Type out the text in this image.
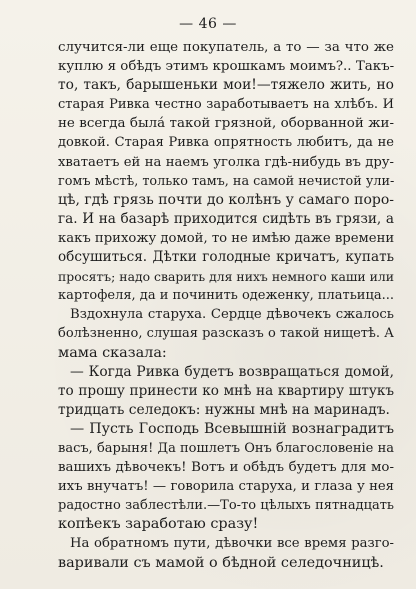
— 46 —
случится-ли еще покупатель, а то — за что же
куплю я обѣдъ этимъ крошкамъ моимъ?.. Такъ-
то, такъ, барышеньки мои!—тяжело жить, но
старая Ривка честно заработываетъ на хлѣбъ. И
не всегда была́ такой грязной, оборванной жи-
довкой. Старая Ривка опрятность любитъ, да не
хватаетъ ей на наемъ уголка гдѣ-нибудь въ дру-
гомъ мѣстѣ, только тамъ, на самой нечистой ули-
цѣ, гдѣ грязь почти до колѣнъ у самаго поро-
га. И на базарѣ приходится сидѣть въ грязи, а
какъ прихожу домой, то не имѣю даже времени
обсушиться. Дѣтки голодные кричатъ, купать
просятъ; надо сварить для нихъ немного каши или
картофеля, да и починить одеженку, платьица...
Вздохнула старуха. Сердце дѣвочекъ сжалось
болѣзненно, слушая разсказъ о такой нищетѣ. А
мама сказала:
— Когда Ривка будетъ возвращаться домой,
то прошу принести ко мнѣ на квартиру штукъ
тридцать селедокъ: нужны мнѣ на маринадъ.
— Пусть Господь Всевышній вознаградитъ
васъ, барыня! Да пошлетъ Онъ благословеніе на
вашихъ дѣвочекъ! Вотъ и обѣдъ будетъ для мо-
ихъ внучатъ! — говорила старуха, и глаза у нея
радостно заблестѣли.—То-то цѣлыхъ пятнадцать
копѣекъ заработаю сразу!
На обратномъ пути, дѣвочки все время разго-
варивали съ мамой о бѣдной селедочницѣ.
